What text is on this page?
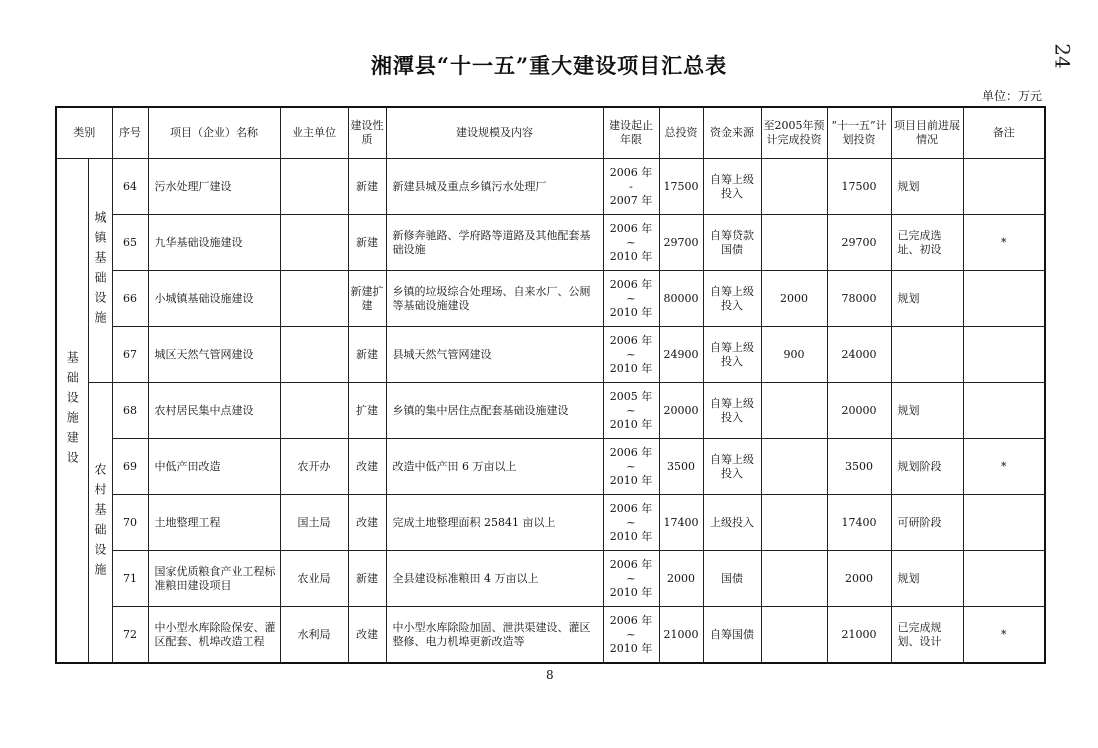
湘潭县“十一五”重大建设项目汇总表	24
单位：万元
类别		序号	项目（企业）名称	业主单位	建设性质	建设规模及内容	建设起止年限	总投资	资金来源	至2005年预计完成投资	“十一五”计划投资	项目目前进展情况	备注

基础设施建设	城镇基础设施	64	污水处理厂建设		新建	新建县城及重点乡镇污水处理厂	2006 年
-
2007 年	17500	自筹上级投入		17500	规划	
		65	九华基础设施建设		新建	新修奔驰路、学府路等道路及其他配套基础设施	2006 年
~
2010 年	29700	自筹贷款国债		29700	已完成选址、初设	*
		66	小城镇基础设施建设		新建扩建	乡镇的垃圾综合处理场、自来水厂、公厕等基础设施建设	2006 年
~
2010 年	80000	自筹上级投入	2000	78000	规划	
		67	城区天然气管网建设		新建	县城天然气管网建设	2006 年
~
2010 年	24900	自筹上级投入	900	24000		

	农村基础设施	68	农村居民集中点建设		扩建	乡镇的集中居住点配套基础设施建设	2005 年
~
2010 年	20000	自筹上级投入		20000	规划	
		69	中低产田改造	农开办	改建	改造中低产田 6 万亩以上	2006 年
~
2010 年	3500	自筹上级投入		3500	规划阶段	*
		70	土地整理工程	国土局	改建	完成土地整理面积 25841 亩以上	2006 年
~
2010 年	17400	上级投入		17400	可研阶段	
		71	国家优质粮食产业工程标准粮田建设项目	农业局	新建	全县建设标准粮田 4 万亩以上	2006 年
~
2010 年	2000	国债		2000	规划	
		72	中小型水库除险保安、灌区配套、机埠改造工程	水利局	改建	中小型水库除险加固、泄洪渠建设、灌区整修、电力机埠更新改造等	2006 年
~
2010 年	21000	自筹国债		21000	已完成规划、设计	*
8
